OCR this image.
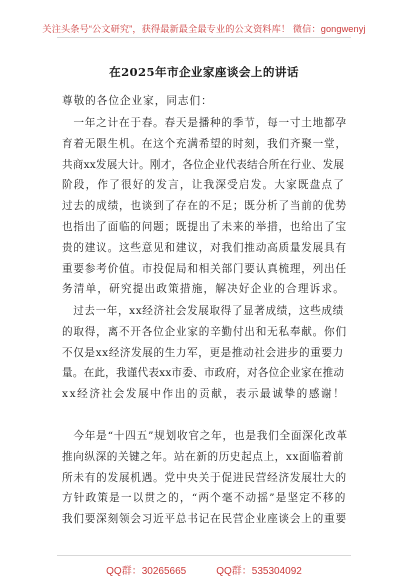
关注头条号“公文研究”，获得最新最全最专业的公文资料库！ 微信：gongwenyj
在2025年市企业家座谈会上的讲话
尊敬的各位企业家，同志们：
　一年之计在于春。春天是播种的季节，每一寸土地都孕
育着无限生机。在这个充满希望的时刻，我们齐聚一堂，
共商xx发展大计。刚才，各位企业代表结合所在行业、发展
阶段，作了很好的发言，让我深受启发。大家既盘点了
过去的成绩，也谈到了存在的不足；既分析了当前的优势
也指出了面临的问题；既提出了未来的举措，也给出了宝
贵的建议。这些意见和建议，对我们推动高质量发展具有
重要参考价值。市投促局和相关部门要认真梳理，列出任
务清单，研究提出政策措施，解决好企业的合理诉求。
　过去一年，xx经济社会发展取得了显著成绩，这些成绩
的取得，离不开各位企业家的辛勤付出和无私奉献。你们
不仅是xx经济发展的生力军，更是推动社会进步的重要力
量。在此，我谨代表xx市委、市政府，对各位企业家在推动
xx经济社会发展中作出的贡献，表示最诚挚的感谢！
　今年是“十四五”规划收官之年，也是我们全面深化改革
推向纵深的关键之年。站在新的历史起点上，xx面临着前
所未有的发展机遇。党中央关于促进民营经济发展壮大的
方针政策是一以贯之的，“两个毫不动摇”是坚定不移的
我们要深刻领会习近平总书记在民营企业座谈会上的重要
QQ群：30265665	QQ群：535304092
